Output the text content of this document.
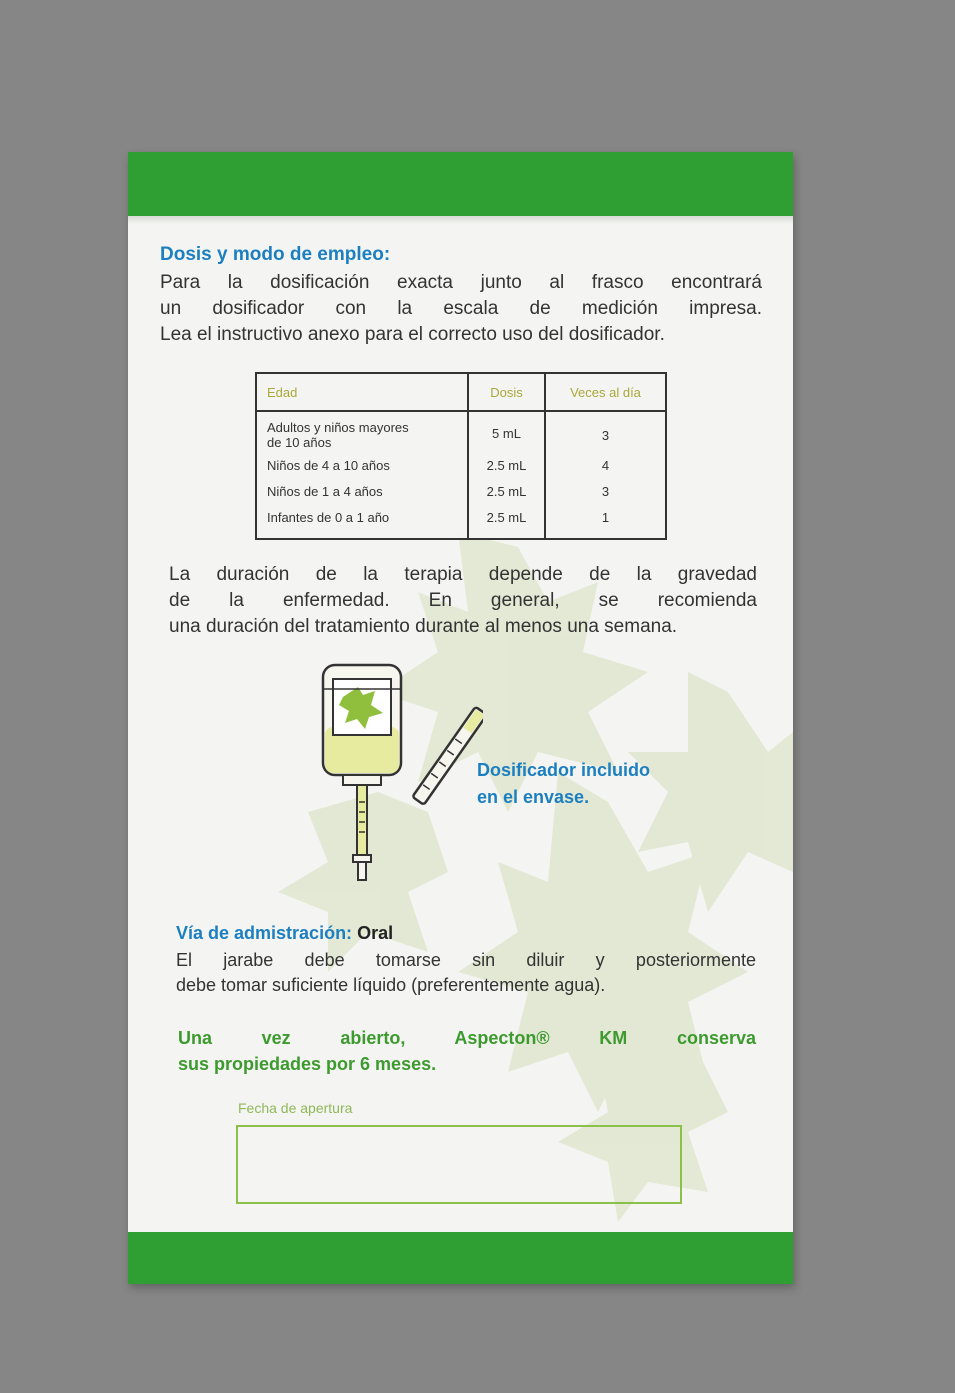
Dosis y modo de empleo:
Para la dosificación exacta junto al frasco encontrará
un dosificador con la escala de medición impresa.
Lea el instructivo anexo para el correcto uso del dosificador.
Edad	Dosis	Veces al día

Adultos y niños mayores
de 10 años	5 mL	3
Niños de 4 a 10 años	2.5 mL	4
Niños de 1 a 4 años	2.5 mL	3
Infantes de 0 a 1 año	2.5 mL	1
La duración de la terapia depende de la gravedad
de la enfermedad. En general, se recomienda
una duración del tratamiento durante al menos una semana.
Dosificador incluido
en el envase.
Vía de admistración: Oral
El jarabe debe tomarse sin diluir y posteriormente
debe tomar suficiente líquido (preferentemente agua).
Una vez abierto, Aspecton® KM conserva
sus propiedades por 6 meses.
Fecha de apertura
